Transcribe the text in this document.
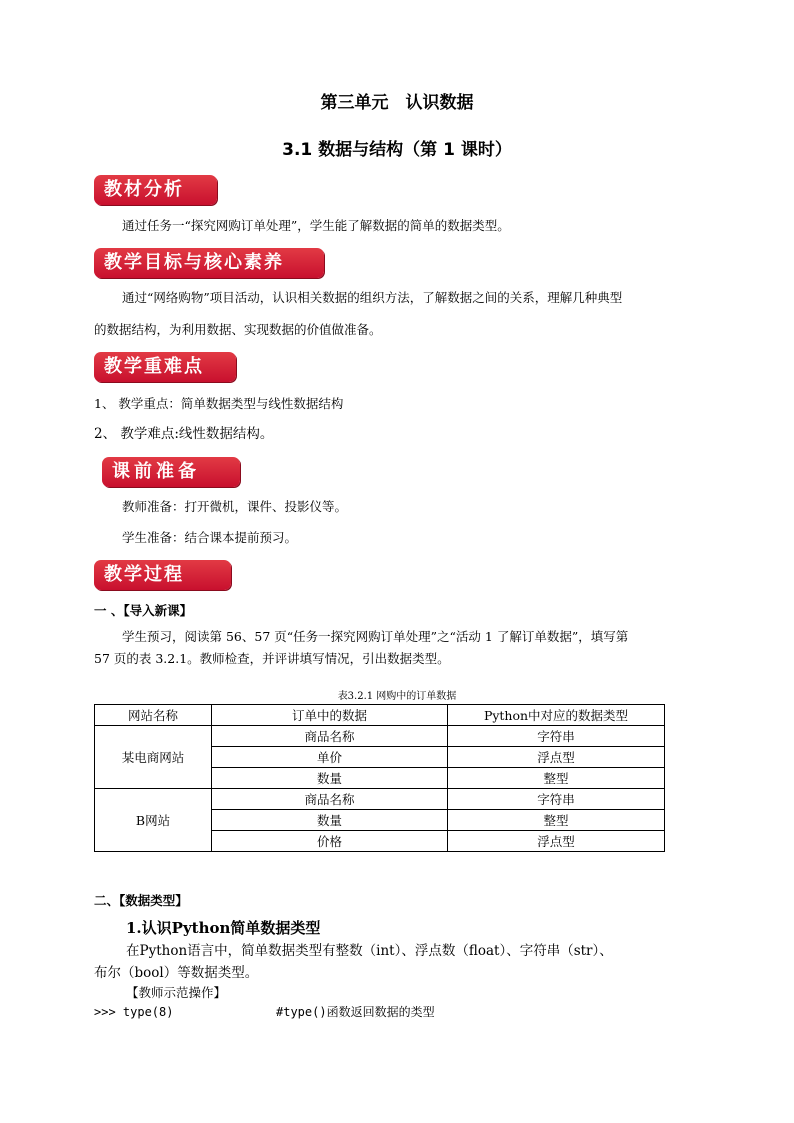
第三单元　认识数据
3.1 数据与结构（第 1 课时）
教材分析
通过任务一“探究网购订单处理”，学生能了解数据的简单的数据类型。
教学目标与核心素养
通过“网络购物”项目活动，认识相关数据的组织方法，了解数据之间的关系，理解几种典型
的数据结构，为利用数据、实现数据的价值做准备。
教学重难点
1、 教学重点：简单数据类型与线性数据结构
2、 教学难点:线性数据结构。
课前准备
教师准备：打开微机，课件、投影仪等。
学生准备：结合课本提前预习。
教学过程
一 、【导入新课】
学生预习，阅读第 56、57 页“任务一探究网购订单处理”之“活动 1 了解订单数据”，填写第
57 页的表 3.2.1。教师检查，并评讲填写情况，引出数据类型。
表3.2.1 网购中的订单数据
网站名称	订单中的数据	Python中对应的数据类型
某电商网站	商品名称	字符串
	单价	浮点型
	数量	整型
B网站	商品名称	字符串
	数量	整型
	价格	浮点型
二、【数据类型】
1.认识Python简单数据类型
在Python语言中，简单数据类型有整数（int）、浮点数（float）、字符串（str）、
布尔（bool）等数据类型。
【教师示范操作】
>>> type(8)	#type()函数返回数据的类型
